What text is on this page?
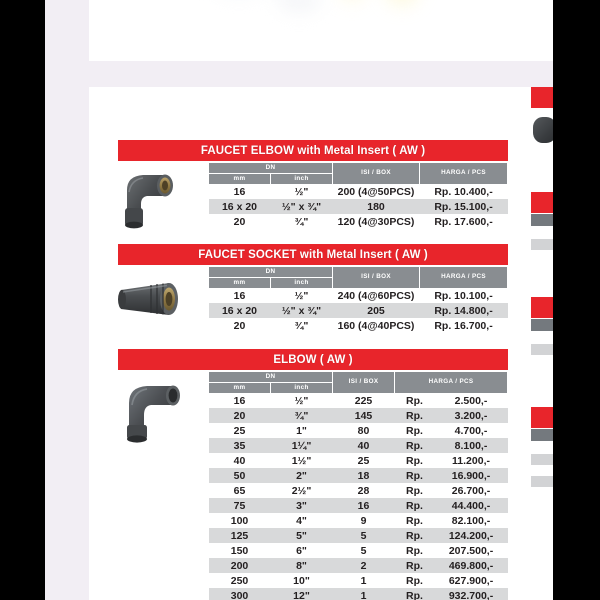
FAUCET ELBOW with Metal Insert ( AW )
DN		ISI / BOX	HARGA / PCS
mm	inch		
16	½"	200 (4@50PCS)	Rp. 10.400,-
16 x 20	½" x ¾"	180	Rp. 15.100,-
20	¾"	120 (4@30PCS)	Rp. 17.600,-
FAUCET SOCKET with Metal Insert ( AW )
DN		ISI / BOX	HARGA / PCS
mm	inch		
16	½"	240 (4@60PCS)	Rp. 10.100,-
16 x 20	½" x ¾"	205	Rp. 14.800,-
20	¾"	160 (4@40PCS)	Rp. 16.700,-
ELBOW ( AW )
DN		ISI / BOX	HARGA / PCS	
mm	inch			
16	½"	225	Rp.	2.500,-
20	¾"	145	Rp.	3.200,-
25	1"	80	Rp.	4.700,-
35	1¼"	40	Rp.	8.100,-
40	1½"	25	Rp.	11.200,-
50	2"	18	Rp.	16.900,-
65	2½"	28	Rp.	26.700,-
75	3"	16	Rp.	44.400,-
100	4"	9	Rp.	82.100,-
125	5"	5	Rp.	124.200,-
150	6"	5	Rp.	207.500,-
200	8"	2	Rp.	469.800,-
250	10"	1	Rp.	627.900,-
300	12"	1	Rp.	932.700,-
